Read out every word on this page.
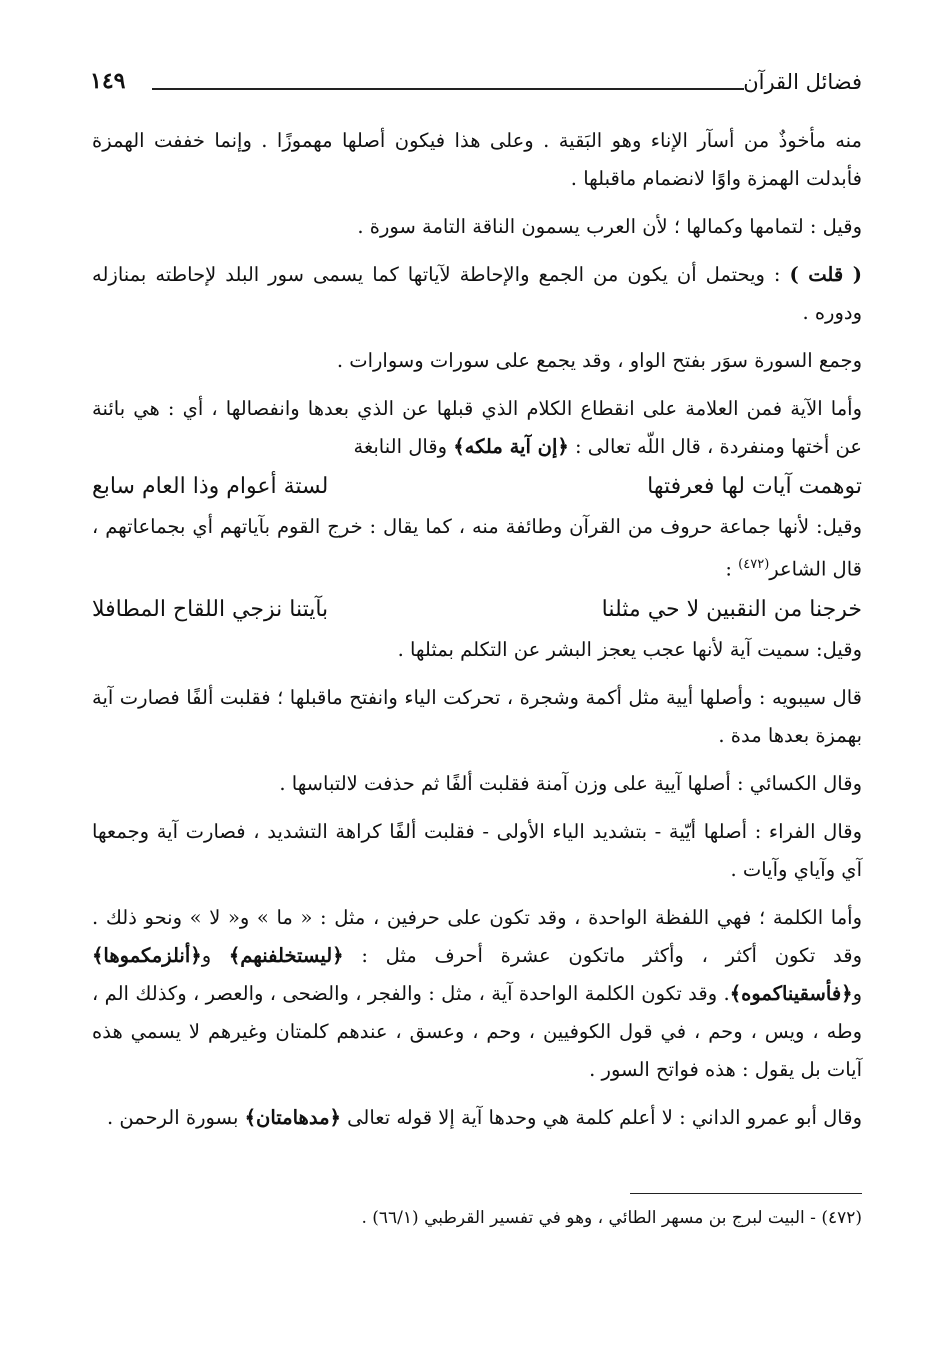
فضائل القرآن
١٤٩

منه مأخوذٌ من أسآر الإناء وهو البَقية . وعلى هذا فيكون أصلها مهموزًا . وإنما خففت الهمزة فأبدلت الهمزة واوًا لانضمام ماقبلها .

وقيل : لتمامها وكمالها ؛ لأن العرب يسمون الناقة التامة سورة .

( قلت ) : ويحتمل أن يكون من الجمع والإحاطة لآياتها كما يسمى سور البلد لإحاطته بمنازله ودوره .

وجمع السورة سوَر بفتح الواو ، وقد يجمع على سورات وسوارات .

وأما الآية فمن العلامة على انقطاع الكلام الذي قبلها عن الذي بعدها وانفصالها ، أي : هي بائنة عن أختها ومنفردة ، قال اللّه تعالى : ﴿إن آية ملكه﴾ وقال النابغة

توهمت آيات لها فعرفتها
لستة أعوام وذا العام سابع

وقيل: لأنها جماعة حروف من القرآن وطائفة منه ، كما يقال : خرج القوم بآياتهم أي بجماعاتهم ، قال الشاعر$^{(٤٧٢)}$ :

خرجنا من النقبين لا حي مثلنا
بآيتنا نزجي اللقاح المطافلا

وقيل: سميت آية لأنها عجب يعجز البشر عن التكلم بمثلها .

قال سيبويه : وأصلها أيية مثل أكمة وشجرة ، تحركت الياء وانفتح ماقبلها ؛ فقلبت ألفًا فصارت آية بهمزة بعدها مدة .

وقال الكسائي : أصلها آيية على وزن آمنة فقلبت ألفًا ثم حذفت لالتباسها .

وقال الفراء : أصلها أيّية - بتشديد الياء الأولى - فقلبت ألفًا كراهة التشديد ، فصارت آية وجمعها آي وآياي وآيات .

وأما الكلمة ؛ فهي اللفظة الواحدة ، وقد تكون على حرفين ، مثل : « ما » و« لا » ونحو ذلك . وقد تكون أكثر ، وأكثر ماتكون عشرة أحرف مثل : ﴿ليستخلفنهم﴾ و﴿أنلزمكموها﴾ و﴿فأسقيناكموه﴾. وقد تكون الكلمة الواحدة آية ، مثل : والفجر ، والضحى ، والعصر ، وكذلك الم ، وطه ، ويس ، وحم ، في قول الكوفيين ، وحم ، وعسق ، عندهم كلمتان وغيرهم لا يسمي هذه آيات بل يقول : هذه فواتح السور .

وقال أبو عمرو الداني : لا أعلم كلمة هي وحدها آية إلا قوله تعالى ﴿مدهامتان﴾ بسورة الرحمن .

(٤٧٢) - البيت لبرج بن مسهر الطائي ، وهو في تفسير القرطبي (٦٦/١) .
